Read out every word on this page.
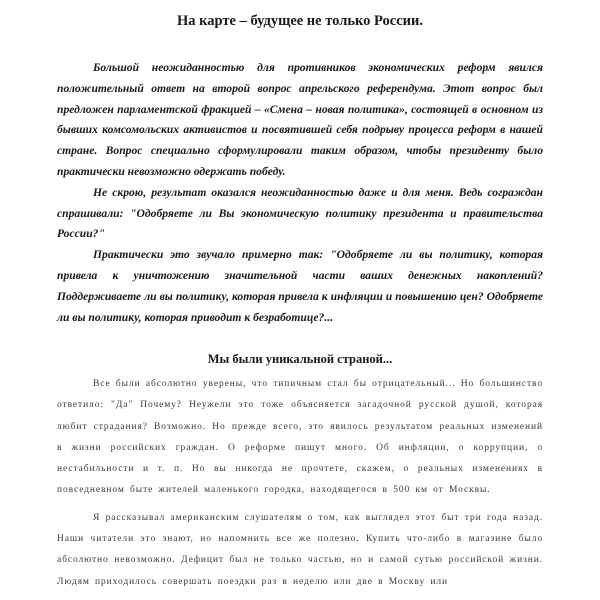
На карте – будущее не только России.

Большой неожиданностью для противников экономических реформ явился положительный ответ на второй вопрос апрельского референдума. Этот вопрос был предложен парламентской фракцией – «Смена – новая политика», состоящей в основном из бывших комсомольских активистов и посвятившей себя подрыву процесса реформ в нашей стране. Вопрос специально сформулировали таким образом, чтобы президенту было практически невозможно одержать победу.

Не скрою, результат оказался неожиданностью даже и для меня. Ведь сограждан спрашивали: "Одобряете ли Вы экономическую политику президента и правительства России?"

Практически это звучало примерно так: "Одобряете ли вы политику, которая привела к уничтожению значительной части ваших денежных накоплений? Поддерживаете ли вы политику, которая привела к инфляции и повышению цен? Одобряете ли вы политику, которая приводит к безработице?...

Мы были уникальной страной...

Все были абсолютно уверены, что типичным стал бы отрицательный... Но большинство ответило: "Да" Почему? Неужели это тоже объясняется загадочной русской душой, которая любит страдания? Возможно. Но прежде всего, это явилось результатом реальных изменений в жизни российских граждан. О реформе пишут много. Об инфляции, о коррупции, о нестабильности и т. п. Но вы никогда не прочтете, скажем, о реальных изменениях в повседневном быте жителей маленького городка, находящегося в 500 км от Москвы.

Я рассказывал американским слушателям о том, как выглядел этот быт три года назад. Наши читатели это знают, но напомнить все же полезно. Купить что-либо в магазине было абсолютно невозможно. Дефицит был не только частью, но и самой сутью российской жизни. Людям приходилось совершать поездки раз в неделю или две в Москву или
